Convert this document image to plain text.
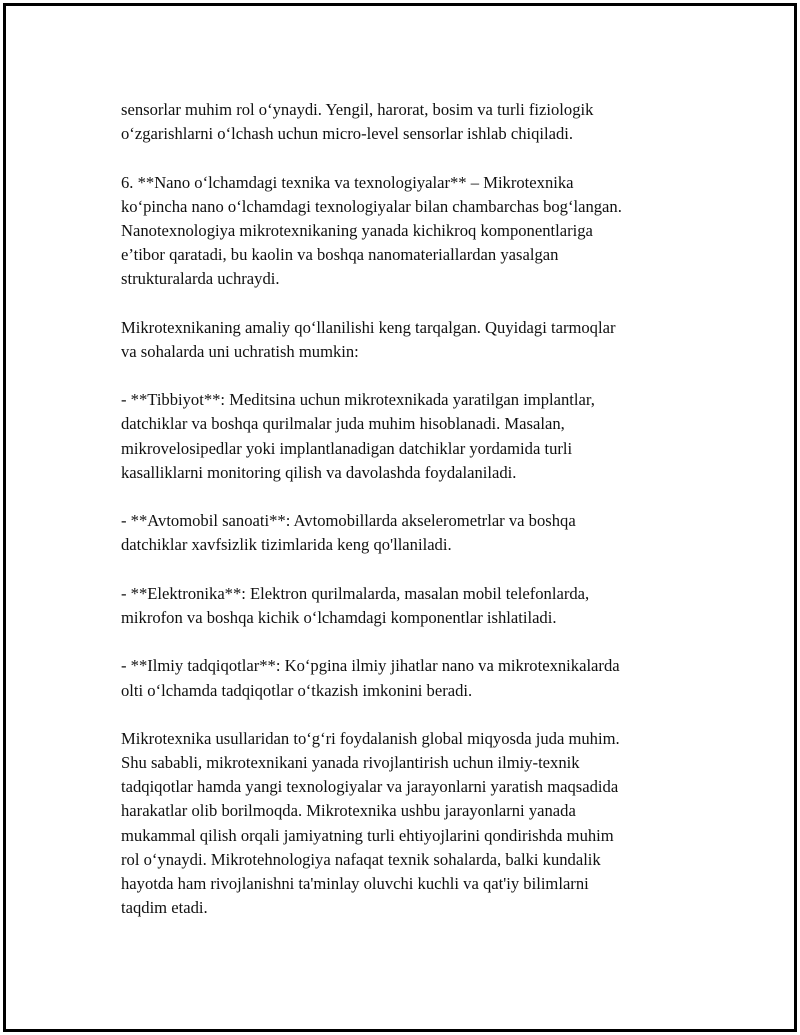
sensorlar muhim rol o‘ynaydi. Yengil, harorat, bosim va turli fiziologik
o‘zgarishlarni o‘lchash uchun micro-level sensorlar ishlab chiqiladi.

6. **Nano o‘lchamdagi texnika va texnologiyalar** – Mikrotexnika
ko‘pincha nano o‘lchamdagi texnologiyalar bilan chambarchas bog‘langan.
Nanotexnologiya mikrotexnikaning yanada kichikroq komponentlariga
e’tibor qaratadi, bu kaolin va boshqa nanomateriallardan yasalgan
strukturalarda uchraydi.

Mikrotexnikaning amaliy qo‘llanilishi keng tarqalgan. Quyidagi tarmoqlar
va sohalarda uni uchratish mumkin:

- **Tibbiyot**: Meditsina uchun mikrotexnikada yaratilgan implantlar,
datchiklar va boshqa qurilmalar juda muhim hisoblanadi. Masalan,
mikrovelosipedlar yoki implantlanadigan datchiklar yordamida turli
kasalliklarni monitoring qilish va davolashda foydalaniladi.

- **Avtomobil sanoati**: Avtomobillarda akselerometrlar va boshqa
datchiklar xavfsizlik tizimlarida keng qo'llaniladi.

- **Elektronika**: Elektron qurilmalarda, masalan mobil telefonlarda,
mikrofon va boshqa kichik o‘lchamdagi komponentlar ishlatiladi.

- **Ilmiy tadqiqotlar**: Ko‘pgina ilmiy jihatlar nano va mikrotexnikalarda
olti o‘lchamda tadqiqotlar o‘tkazish imkonini beradi.

Mikrotexnika usullaridan to‘g‘ri foydalanish global miqyosda juda muhim.
Shu sababli, mikrotexnikani yanada rivojlantirish uchun ilmiy-texnik
tadqiqotlar hamda yangi texnologiyalar va jarayonlarni yaratish maqsadida
harakatlar olib borilmoqda. Mikrotexnika ushbu jarayonlarni yanada
mukammal qilish orqali jamiyatning turli ehtiyojlarini qondirishda muhim
rol o‘ynaydi. Mikrotehnologiya nafaqat texnik sohalarda, balki kundalik
hayotda ham rivojlanishni ta'minlay oluvchi kuchli va qat'iy bilimlarni
taqdim etadi.
